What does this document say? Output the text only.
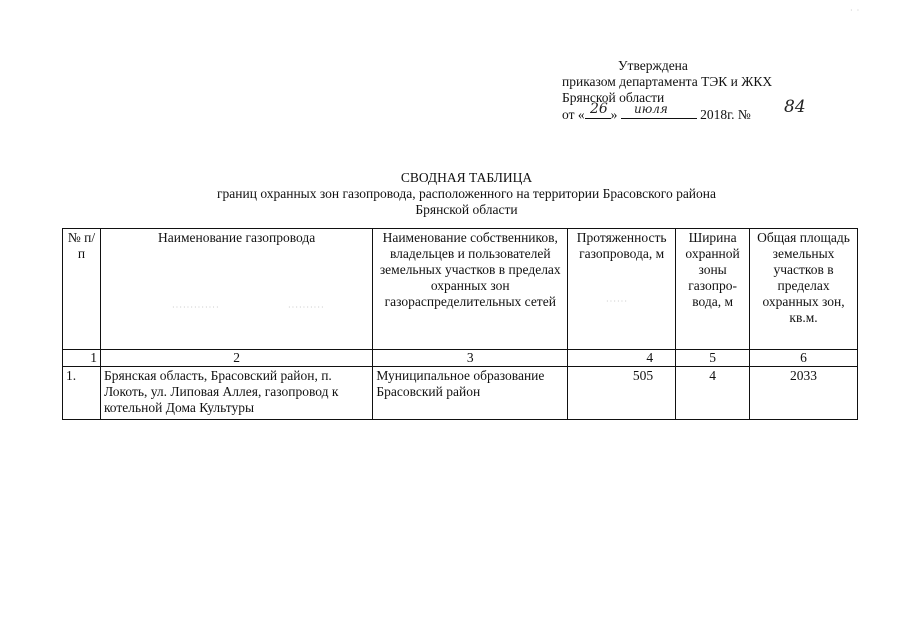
Утверждена
приказом департамента ТЭК и ЖКХ
Брянской области
от « »	2018г. №
26 июля	84
СВОДНАЯ ТАБЛИЦА
границ охранных зон газопровода, расположенного на территории Брасовского района
Брянской области
№ п/п	Наименование газопровода	Наименование собственников, владельцев и пользователей земельных участков в пределах охранных зон газораспределительных сетей	Протяженность газопровода, м	Ширина охранной зоны газопро-вода, м	Общая площадь земельных участков в пределах охранных зон, кв.м.
1	2	3	4	5	6
1.	Брянская область, Брасовский район, п. Локоть, ул. Липовая Аллея, газопровод к котельной Дома Культуры	Муниципальное образование Брасовский район	505	4	2033
·············	··········
······
· ·
